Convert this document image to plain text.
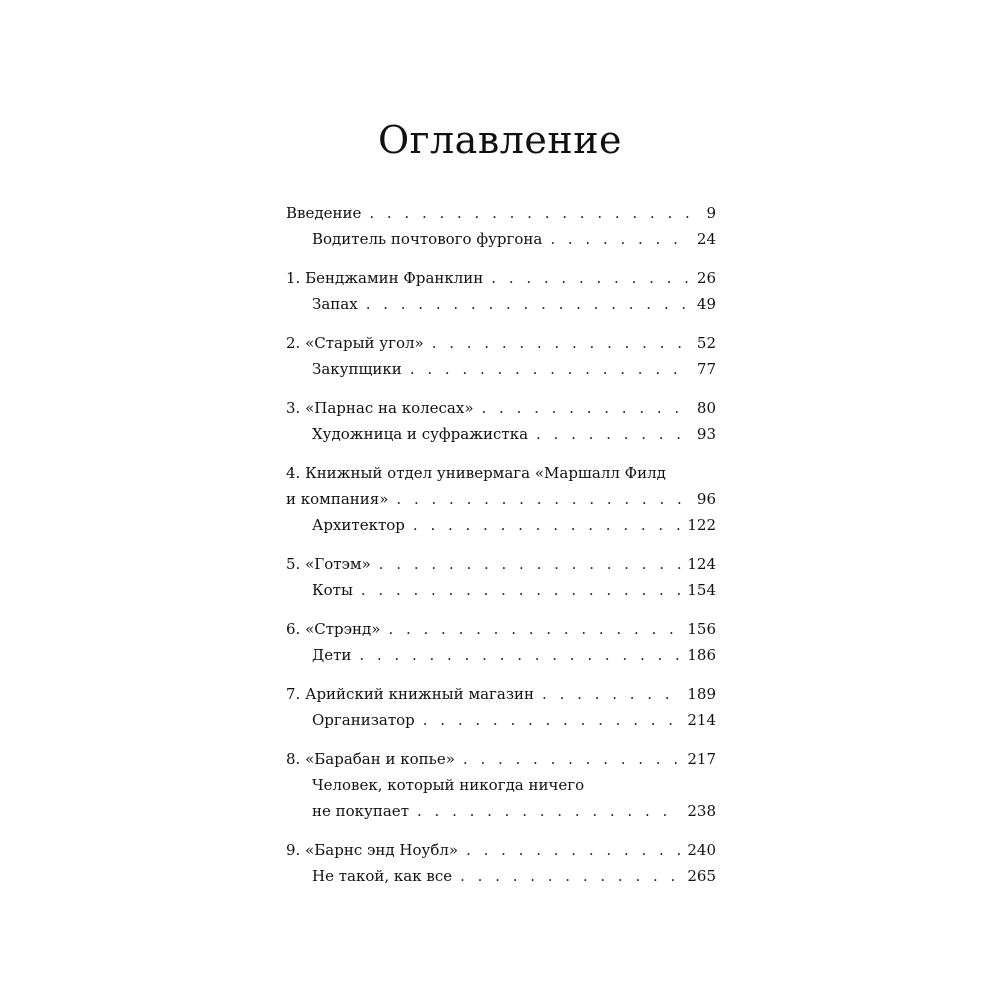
Оглавление
Введение . . .	9
Водитель почтового фургона . . .	24
1. Бенджамин Франклин . . .	26
Запах . . .	49
2. «Старый угол» . . .	52
Закупщики . . .	77
3. «Парнас на колесах» . . .	80
Художница и суфражистка . . .	93
4. Книжный отдел универмага «Маршалл Филд
и компания» . . .	96
Архитектор . . .	122
5. «Готэм» . . .	124
Коты . . .	154
6. «Стрэнд» . . .	156
Дети . . .	186
7. Арийский книжный магазин . . .	189
Организатор . . .	214
8. «Барабан и копье» . . .	217
Человек, который никогда ничего
не покупает . . .	238
9. «Барнс энд Ноубл» . . .	240
Не такой, как все . . .	265
